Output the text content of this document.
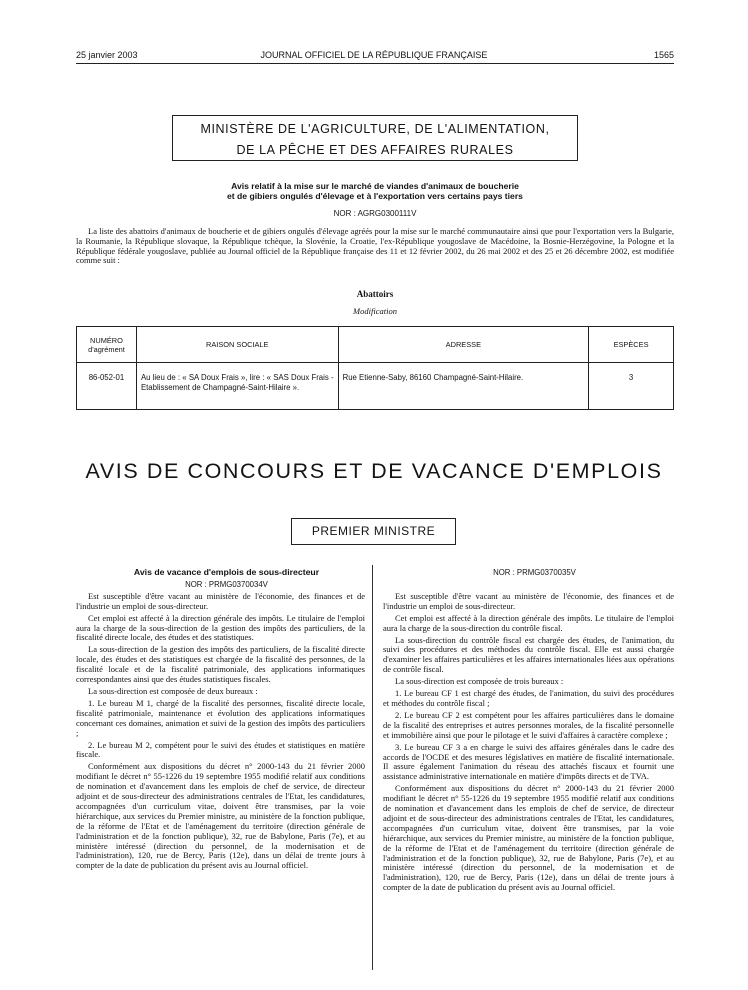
25 janvier 2003	JOURNAL OFFICIEL DE LA RÉPUBLIQUE FRANÇAISE	1565
MINISTÈRE DE L'AGRICULTURE, DE L'ALIMENTATION,
DE LA PÊCHE ET DES AFFAIRES RURALES
Avis relatif à la mise sur le marché de viandes d'animaux de boucherie
et de gibiers ongulés d'élevage et à l'exportation vers certains pays tiers
NOR : AGRG0300111V

La liste des abattoirs d'animaux de boucherie et de gibiers ongulés d'élevage agréés pour la mise sur le marché communautaire ainsi que pour l'exportation vers la Bulgarie, la Roumanie, la République slovaque, la République tchèque, la Slovénie, la Croatie, l'ex-République yougoslave de Macédoine, la Bosnie-Herzégovine, la Pologne et la République fédérale yougoslave, publiée au Journal officiel de la République française des 11 et 12 février 2002, du 26 mai 2002 et des 25 et 26 décembre 2002, est modifiée comme suit :

Abattoirs
Modification
NUMÉRO d'agrément	RAISON SOCIALE	ADRESSE	ESPÈCES
86-052-01	Au lieu de : « SA Doux Frais », lire : « SAS Doux Frais - Etablissement de Champagné-Saint-Hilaire ».	Rue Etienne-Saby, 86160 Champagné-Saint-Hilaire.	3
AVIS DE CONCOURS ET DE VACANCE D'EMPLOIS
PREMIER MINISTRE

Avis de vacance d'emplois de sous-directeur

NOR : PRMG0370034V

Est susceptible d'être vacant au ministère de l'économie, des finances et de l'industrie un emploi de sous-directeur.

Cet emploi est affecté à la direction générale des impôts. Le titulaire de l'emploi aura la charge de la sous-direction de la gestion des impôts des particuliers, de la fiscalité directe locale, des études et des statistiques.

La sous-direction de la gestion des impôts des particuliers, de la fiscalité directe locale, des études et des statistiques est chargée de la fiscalité des personnes, de la fiscalité locale et de la fiscalité patrimoniale, des applications informatiques correspondantes ainsi que des études statistiques fiscales.

La sous-direction est composée de deux bureaux :

1. Le bureau M 1, chargé de la fiscalité des personnes, fiscalité directe locale, fiscalité patrimoniale, maintenance et évolution des applications informatiques concernant ces domaines, animation et suivi de la gestion des impôts des particuliers ;

2. Le bureau M 2, compétent pour le suivi des études et statistiques en matière fiscale.

Conformément aux dispositions du décret n° 2000-143 du 21 février 2000 modifiant le décret n° 55-1226 du 19 septembre 1955 modifié relatif aux conditions de nomination et d'avancement dans les emplois de chef de service, de directeur adjoint et de sous-directeur des administrations centrales de l'Etat, les candidatures, accompagnées d'un curriculum vitae, doivent être transmises, par la voie hiérarchique, aux services du Premier ministre, au ministère de la fonction publique, de la réforme de l'Etat et de l'aménagement du territoire (direction générale de l'administration et de la fonction publique), 32, rue de Babylone, Paris (7e), et au ministère intéressé (direction du personnel, de la modernisation et de l'administration), 120, rue de Bercy, Paris (12e), dans un délai de trente jours à compter de la date de publication du présent avis au Journal officiel.

NOR : PRMG0370035V

Est susceptible d'être vacant au ministère de l'économie, des finances et de l'industrie un emploi de sous-directeur.

Cet emploi est affecté à la direction générale des impôts. Le titulaire de l'emploi aura la charge de la sous-direction du contrôle fiscal.

La sous-direction du contrôle fiscal est chargée des études, de l'animation, du suivi des procédures et des méthodes du contrôle fiscal. Elle est aussi chargée d'examiner les affaires particulières et les affaires internationales liées aux opérations de contrôle fiscal.

La sous-direction est composée de trois bureaux :

1. Le bureau CF 1 est chargé des études, de l'animation, du suivi des procédures et méthodes du contrôle fiscal ;

2. Le bureau CF 2 est compétent pour les affaires particulières dans le domaine de la fiscalité des entreprises et autres personnes morales, de la fiscalité personnelle et immobilière ainsi que pour le pilotage et le suivi d'affaires à caractère complexe ;

3. Le bureau CF 3 a en charge le suivi des affaires générales dans le cadre des accords de l'OCDE et des mesures législatives en matière de fiscalité internationale. Il assure également l'animation du réseau des attachés fiscaux et fournit une assistance administrative internationale en matière d'impôts directs et de TVA.

Conformément aux dispositions du décret n° 2000-143 du 21 février 2000 modifiant le décret n° 55-1226 du 19 septembre 1955 modifié relatif aux conditions de nomination et d'avancement dans les emplois de chef de service, de directeur adjoint et de sous-directeur des administrations centrales de l'Etat, les candidatures, accompagnées d'un curriculum vitae, doivent être transmises, par la voie hiérarchique, aux services du Premier ministre, au ministère de la fonction publique, de la réforme de l'Etat et de l'aménagement du territoire (direction générale de l'administration et de la fonction publique), 32, rue de Babylone, Paris (7e), et au ministère intéressé (direction du personnel, de la modernisation et de l'administration), 120, rue de Bercy, Paris (12e), dans un délai de trente jours à compter de la date de publication du présent avis au Journal officiel.
